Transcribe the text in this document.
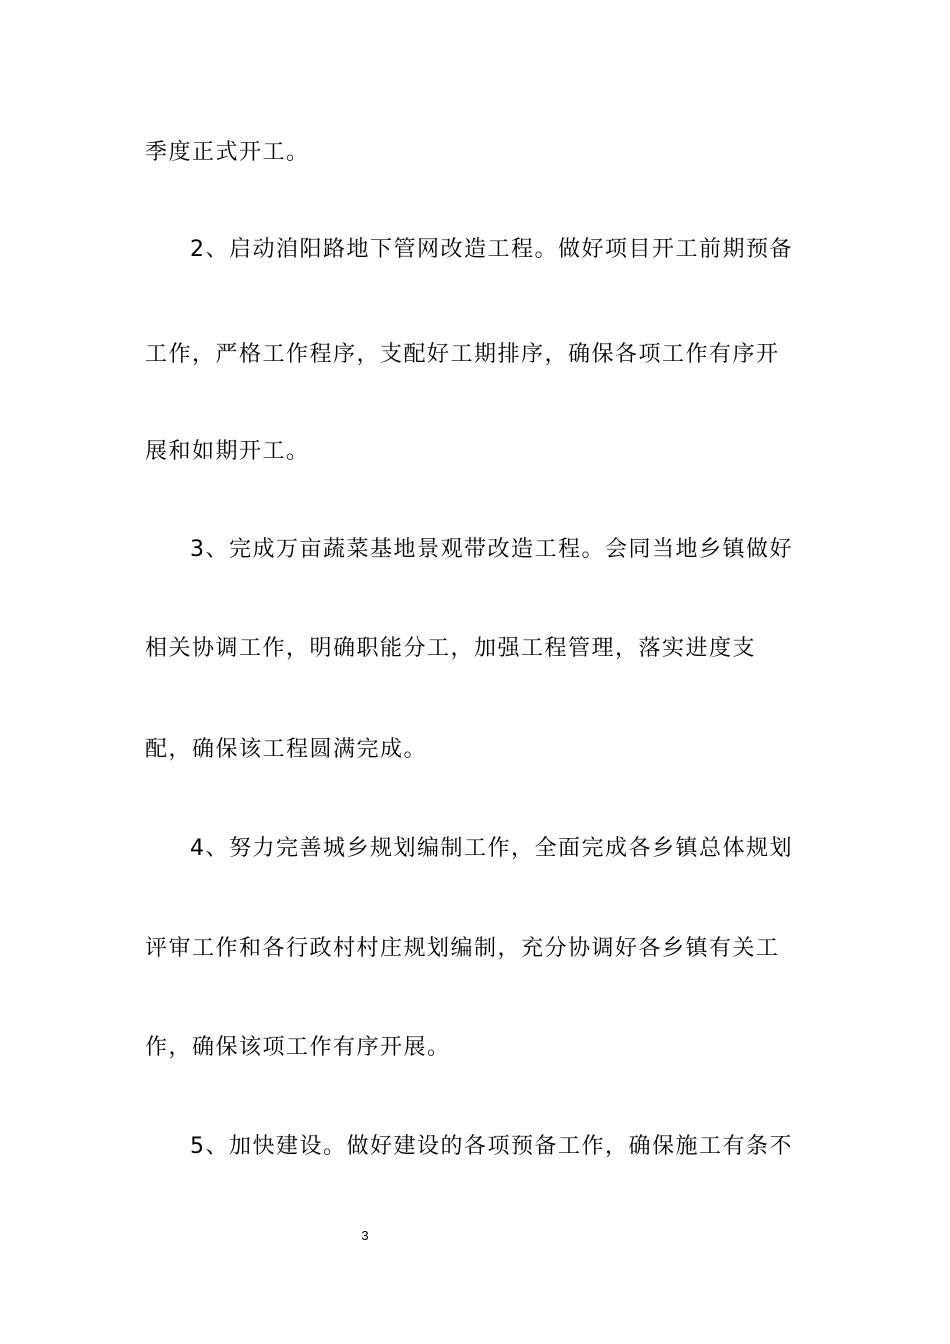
季度正式开工。

2、启动洎阳路地下管网改造工程。做好项目开工前期预备

工作，严格工作程序，支配好工期排序，确保各项工作有序开

展和如期开工。

3、完成万亩蔬菜基地景观带改造工程。会同当地乡镇做好

相关协调工作，明确职能分工，加强工程管理，落实进度支

配，确保该工程圆满完成。

4、努力完善城乡规划编制工作，全面完成各乡镇总体规划

评审工作和各行政村村庄规划编制，充分协调好各乡镇有关工

作，确保该项工作有序开展。

5、加快建设。做好建设的各项预备工作，确保施工有条不

3
